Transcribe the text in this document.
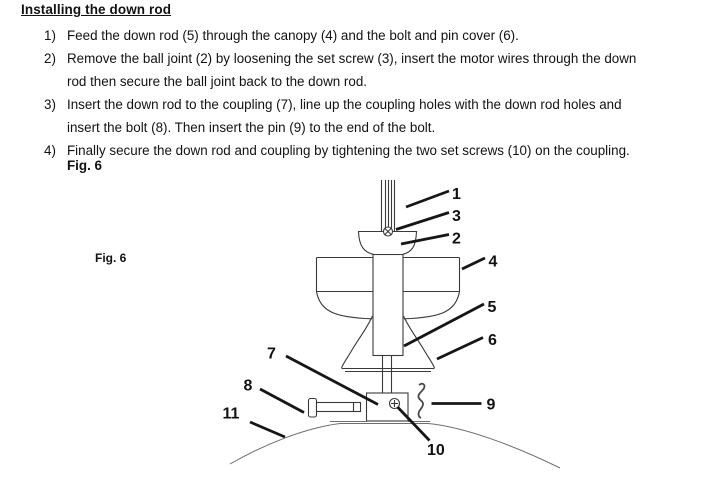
Installing the down rod
1) Feed the down rod (5) through the canopy (4) and the bolt and pin cover (6).
2) Remove the ball joint (2) by loosening the set screw (3), insert the motor wires through the down
rod then secure the ball joint back to the down rod.
3) Insert the down rod to the coupling (7), line up the coupling holes with the down rod holes and
insert the bolt (8). Then insert the pin (9) to the end of the bolt.
4) Finally secure the down rod and coupling by tightening the two set screws (10) on the coupling.
Fig. 6
Fig. 6
1
3
2
4
5
6
7
8
9
10
11
